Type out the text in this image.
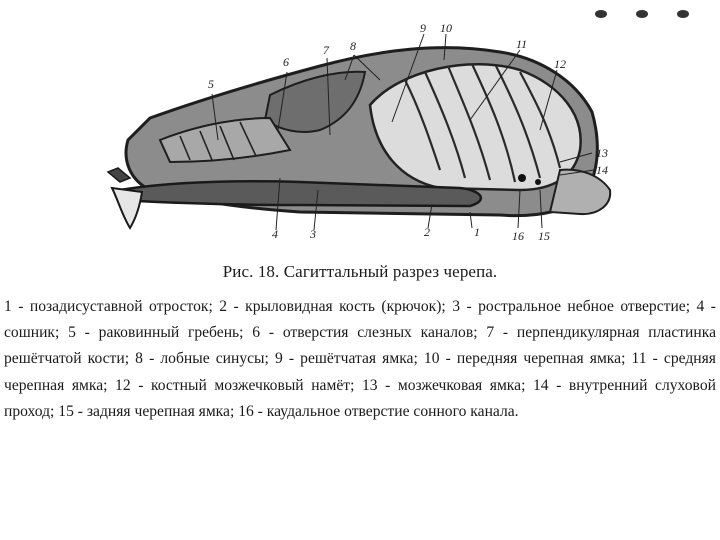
1
2
3
4
5
6
7 8
9 10
11
12
13
14
15
16
Рис. 18. Сагиттальный разрез черепа.
1 - позадисуставной отросток; 2 - крыловидная кость (крючок); 3 - ростральное небное отверстие; 4 - сошник; 5 - раковинный гребень; 6 - отверстия слезных каналов; 7 - перпендикулярная пластинка решётчатой кости; 8 - лобные синусы; 9 - решётчатая ямка; 10 - передняя черепная ямка; 11 - средняя черепная ямка; 12 - костный мозжечковый намёт; 13 - мозжечковая ямка; 14 - внутренний слуховой проход; 15 - задняя черепная ямка; 16 - каудальное отверстие сонного канала.
